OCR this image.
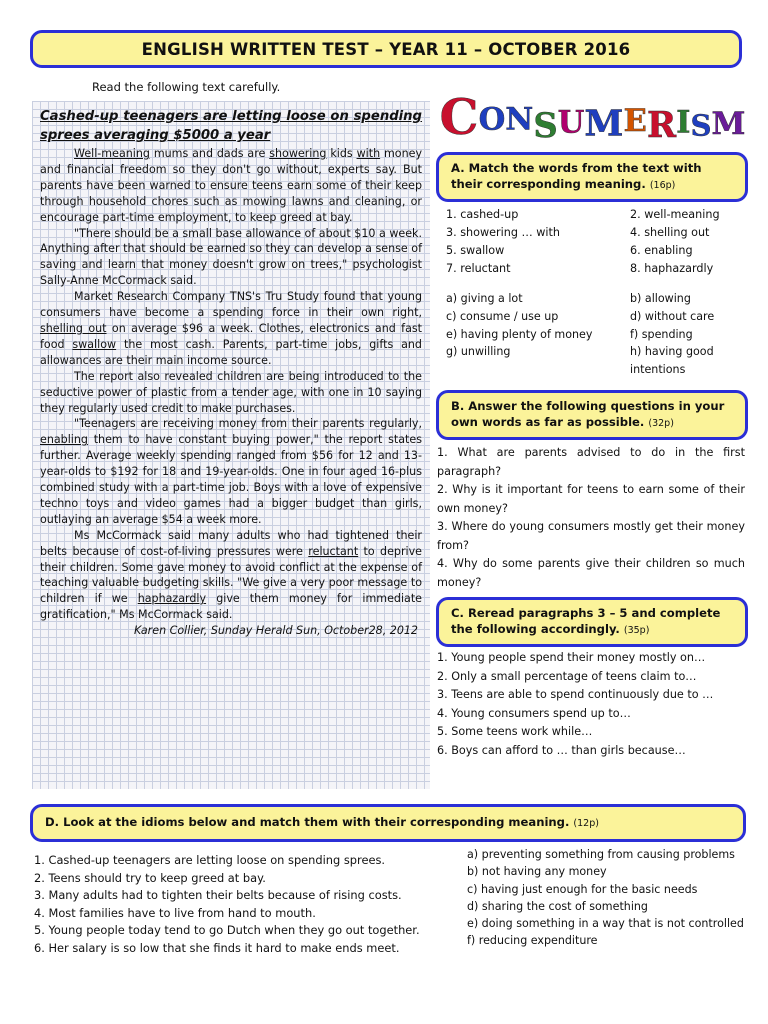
ENGLISH WRITTEN TEST – YEAR 11 – OCTOBER 2016
Read the following text carefully.

Cashed-up teenagers are letting loose on spending sprees averaging $5000 a year

Well-meaning mums and dads are showering kids with money and financial freedom so they don't go without, experts say. But parents have been warned to ensure teens earn some of their keep through household chores such as mowing lawns and cleaning, or encourage part-time employment, to keep greed at bay.

"There should be a small base allowance of about $10 a week. Anything after that should be earned so they can develop a sense of saving and learn that money doesn't grow on trees," psychologist Sally-Anne McCormack said.

Market Research Company TNS's Tru Study found that young consumers have become a spending force in their own right, shelling out on average $96 a week. Clothes, electronics and fast food swallow the most cash. Parents, part-time jobs, gifts and allowances are their main income source.

The report also revealed children are being introduced to the seductive power of plastic from a tender age, with one in 10 saying they regularly used credit to make purchases.

"Teenagers are receiving money from their parents regularly, enabling them to have constant buying power," the report states further. Average weekly spending ranged from $56 for 12 and 13-year-olds to $192 for 18 and 19-year-olds. One in four aged 16-plus combined study with a part-time job. Boys with a love of expensive techno toys and video games had a bigger budget than girls, outlaying an average $54 a week more.

Ms McCormack said many adults who had tightened their belts because of cost-of-living pressures were reluctant to deprive their children. Some gave money to avoid conflict at the expense of teaching valuable budgeting skills. "We give a very poor message to children if we haphazardly give them money for immediate gratification," Ms McCormack said.

Karen Collier, Sunday Herald Sun, October28, 2012

CONSUMERISM
A. Match the words from the text with their corresponding meaning. (16p)
1. cashed-up	2. well-meaning
3. showering … with	4. shelling out
5. swallow	6. enabling
7. reluctant	8. haphazardly
a) giving a lot	b) allowing
c) consume / use up	d) without care
e) having plenty of money	f) spending
g) unwilling	h) having good intentions
B. Answer the following questions in your own words as far as possible. (32p)
1. What are parents advised to do in the first paragraph?
2. Why is it important for teens to earn some of their own money?
3. Where do young consumers mostly get their money from?
4. Why do some parents give their children so much money?
C. Reread paragraphs 3 – 5 and complete the following accordingly. (35p)
1. Young people spend their money mostly on…
2. Only a small percentage of teens claim to…
3. Teens are able to spend continuously due to …
4. Young consumers spend up to…
5. Some teens work while…
6. Boys can afford to … than girls because…
D. Look at the idioms below and match them with their corresponding meaning. (12p)
1. Cashed-up teenagers are letting loose on spending sprees.
2. Teens should try to keep greed at bay.
3. Many adults had to tighten their belts because of rising costs.
4. Most families have to live from hand to mouth.
5. Young people today tend to go Dutch when they go out together.
6. Her salary is so low that she finds it hard to make ends meet.
a) preventing something from causing problems
b) not having any money
c) having just enough for the basic needs
d) sharing the cost of something
e) doing something in a way that is not controlled
f) reducing expenditure
